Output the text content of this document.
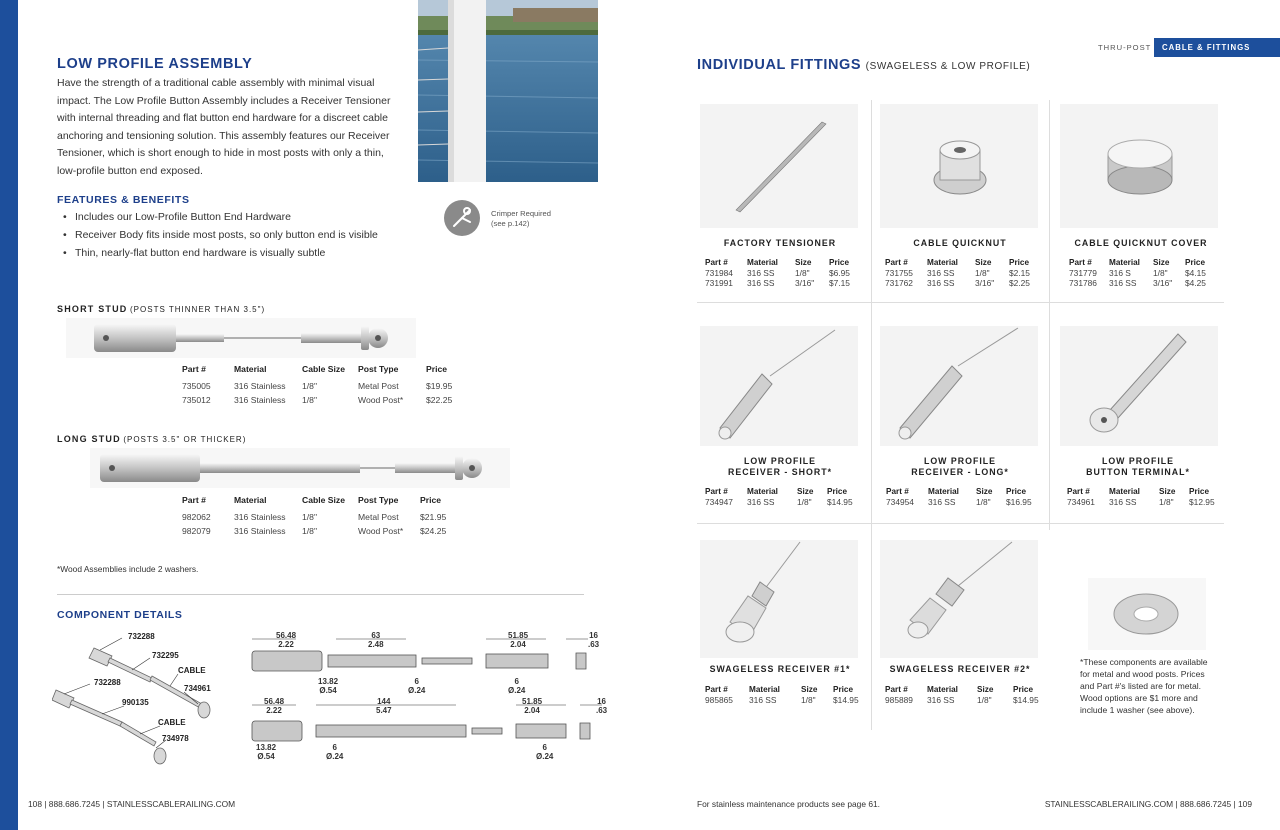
LOW PROFILE ASSEMBLY
Have the strength of a traditional cable assembly with minimal visual
impact. The Low Profile Button Assembly includes a Receiver Tensioner
with internal threading and flat button end hardware for a discreet cable
anchoring and tensioning solution. This assembly features our Receiver
Tensioner, which is short enough to hide in most posts with only a thin,
low-profile button end exposed.
FEATURES & BENEFITS
• Includes our Low-Profile Button End Hardware
• Receiver Body fits inside most posts, so only button end is visible
• Thin, nearly-flat button end hardware is visually subtle
Crimper Required
(see p.142)
SHORT STUD (POSTS THINNER THAN 3.5")
Part #	Material	Cable Size	Post Type	Price
735005	316 Stainless	1/8"	Metal Post	$19.95
735012	316 Stainless	1/8"	Wood Post*	$22.25
LONG STUD (POSTS 3.5" OR THICKER)
Part #	Material	Cable Size	Post Type	Price
982062	316 Stainless	1/8"	Metal Post	$21.95
982079	316 Stainless	1/8"	Wood Post*	$24.25
*Wood Assemblies include 2 washers.
COMPONENT DETAILS
732288
732295
CABLE
734961
732288
990135
CABLE
734978
56.48
2.22
63
2.48
51.85
2.04
16
.63
13.82
Ø.54
6
Ø.24
6
Ø.24
56.48
2.22
144
5.47
51.85
2.04
16
.63
13.82
Ø.54
6
Ø.24
6
Ø.24
108 | 888.686.7245 | STAINLESSCABLERAILING.COM
THRU-POST	CABLE & FITTINGS
INDIVIDUAL FITTINGS (SWAGELESS & LOW PROFILE)
FACTORY TENSIONER
Part #	Material	Size	Price
731984	316 SS	1/8"	$6.95
731991	316 SS	3/16"	$7.15
CABLE QUICKNUT
Part #	Material	Size	Price
731755	316 SS	1/8"	$2.15
731762	316 SS	3/16"	$2.25
CABLE QUICKNUT COVER
Part #	Material	Size	Price
731779	316 S	1/8"	$4.15
731786	316 SS	3/16"	$4.25
LOW PROFILE
RECEIVER - SHORT*
Part #	Material	Size	Price
734947	316 SS	1/8"	$14.95
LOW PROFILE
RECEIVER - LONG*
Part #	Material	Size	Price
734954	316 SS	1/8"	$16.95
LOW PROFILE
BUTTON TERMINAL*
Part #	Material	Size	Price
734961	316 SS	1/8"	$12.95
SWAGELESS RECEIVER #1*
Part #	Material	Size	Price
985865	316 SS	1/8"	$14.95
SWAGELESS RECEIVER #2*
Part #	Material	Size	Price
985889	316 SS	1/8"	$14.95
*These components are available
for metal and wood posts. Prices
and Part #'s listed are for metal.
Wood options are $1 more and
include 1 washer (see above).
For stainless maintenance products see page 61.	STAINLESSCABLERAILING.COM | 888.686.7245 | 109
